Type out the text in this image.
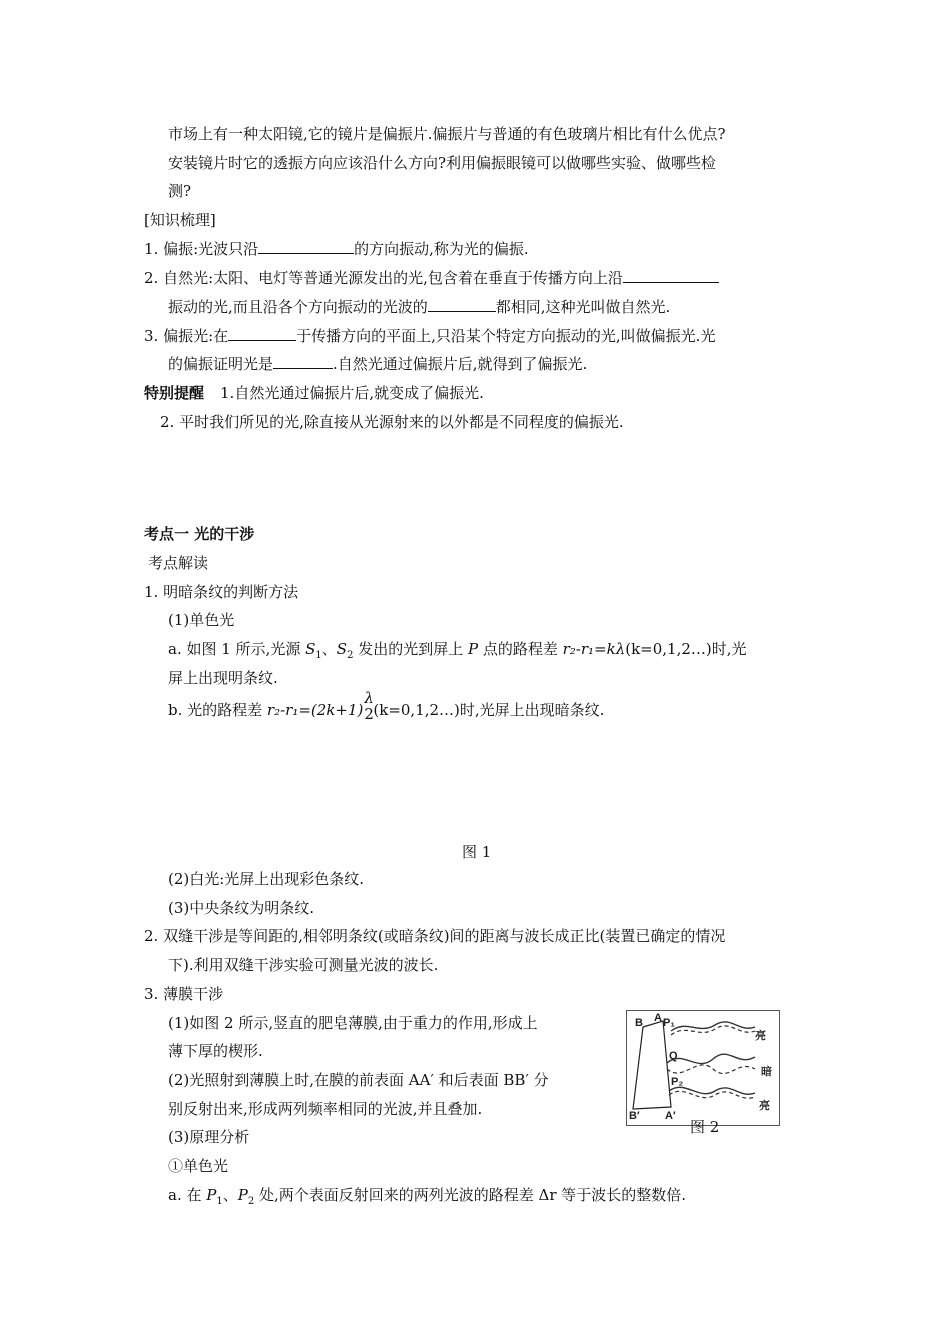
市场上有一种太阳镜,它的镜片是偏振片.偏振片与普通的有色玻璃片相比有什么优点?
安装镜片时它的透振方向应该沿什么方向?利用偏振眼镜可以做哪些实验、做哪些检
测?
[知识梳理]
1. 偏振:光波只沿	的方向振动,称为光的偏振.
2. 自然光:太阳、电灯等普通光源发出的光,包含着在垂直于传播方向上沿
振动的光,而且沿各个方向振动的光波的	都相同,这种光叫做自然光.
3. 偏振光:在	于传播方向的平面上,只沿某个特定方向振动的光,叫做偏振光.光
的偏振证明光是	.自然光通过偏振片后,就得到了偏振光.
特别提醒 1.自然光通过偏振片后,就变成了偏振光.
2. 平时我们所见的光,除直接从光源射来的以外都是不同程度的偏振光.
考点一 光的干涉
考点解读
1. 明暗条纹的判断方法
(1)单色光
a. 如图 1 所示,光源 $S_1$、$S_2$ 发出的光到屏上 P 点的路程差 r₂-r₁=kλ(k=0,1,2…)时,光
屏上出现明条纹.
b. 光的路程差 r₂-r₁=(2k+1)
λ
2 (k=0,1,2…)时,光屏上出现暗条纹.
图 1
(2)白光:光屏上出现彩色条纹.
(3)中央条纹为明条纹.
2. 双缝干涉是等间距的,相邻明条纹(或暗条纹)间的距离与波长成正比(装置已确定的情况
下).利用双缝干涉实验可测量光波的波长.
3. 薄膜干涉
(1)如图 2 所示,竖直的肥皂薄膜,由于重力的作用,形成上
薄下厚的楔形.
(2)光照射到薄膜上时,在膜的前表面 AA′ 和后表面 BB′ 分
别反射出来,形成两列频率相同的光波,并且叠加.
(3)原理分析
①单色光
a. 在 $P_1$、$P_2$ 处,两个表面反射回来的两列光波的路程差 Δr 等于波长的整数倍.
B A P₁
Q
P₂
B′ A′
亮
暗
亮
图 2
